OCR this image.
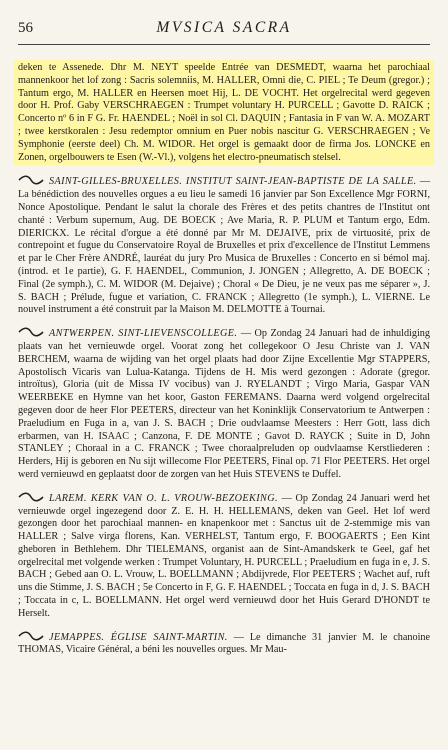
56	MVSICA SACRA

deken te Assenede. Dhr M. NEYT speelde Entrée van DESMEDT, waarna het parochiaal mannenkoor het lof zong : Sacris solemniis, M. HALLER, Omni die, C. PIEL ; Te Deum (gregor.) ; Tantum ergo, M. HALLER en Heersen moet Hij, L. DE VOCHT. Het orgelrecital werd gegeven door H. Prof. Gaby VERSCHRAEGEN : Trumpet voluntary H. PURCELL ; Gavotte D. RAICK ; Concerto nº 6 in F G. Fr. HAENDEL ; Noël in sol Cl. DAQUIN ; Fantasia in F van W. A. MOZART ; twee kerstkoralen : Jesu redemptor omnium en Puer nobis nascitur G. VERSCHRAEGEN ; Ve Symphonie (eerste deel) Ch. M. WIDOR. Het orgel is gemaakt door de firma Jos. LONCKE en Zonen, orgelbouwers te Esen (W.-Vl.), volgens het electro-pneumatisch stelsel.

SAINT-GILLES-BRUXELLES. INSTITUT SAINT-JEAN-BAPTISTE DE LA SALLE. — La bénédiction des nouvelles orgues a eu lieu le samedi 16 janvier par Son Excellence Mgr FORNI, Nonce Apostolique. Pendant le salut la chorale des Frères et des petits chantres de l'Institut ont chanté : Verbum supernum, Aug. DE BOECK ; Ave Maria, R. P. PLUM et Tantum ergo, Edm. DIERICKX. Le récital d'orgue a été donné par Mr M. DEJAIVE, prix de virtuosité, prix de contrepoint et fugue du Conservatoire Royal de Bruxelles et prix d'excellence de l'Institut Lemmens et par le Cher Frère ANDRÉ, lauréat du jury Pro Musica de Bruxelles : Concerto en si bémol maj. (introd. et 1e partie), G. F. HAENDEL, Communion, J. JONGEN ; Allegretto, A. DE BOECK ; Final (2e symph.), C. M. WIDOR (M. Dejaive) ; Choral « De Dieu, je ne veux pas me séparer », J. S. BACH ; Prélude, fugue et variation, C. FRANCK ; Allegretto (1e symph.), L. VIERNE. Le nouvel instrument a été construit par la Maison M. DELMOTTE à Tournai.

ANTWERPEN. SINT-LIEVENSCOLLEGE. — Op Zondag 24 Januari had de inhuldiging plaats van het vernieuwde orgel. Voorat zong het collegekoor O Jesu Christe van J. VAN BERCHEM, waarna de wijding van het orgel plaats had door Zijne Excellentie Mgr STAPPERS, Apostolisch Vicaris van Lulua-Katanga. Tijdens de H. Mis werd gezongen : Adorate (gregor. introïtus), Gloria (uit de Missa IV vocibus) van J. RYELANDT ; Virgo Maria, Gaspar VAN WEERBEKE en Hymne van het koor, Gaston FEREMANS. Daarna werd volgend orgelrecital gegeven door de heer Flor PEETERS, directeur van het Koninklijk Conservatorium te Antwerpen : Praeludium en Fuga in a, van J. S. BACH ; Drie oudvlaamse Meesters : Herr Gott, lass dich erbarmen, van H. ISAAC ; Canzona, F. DE MONTE ; Gavot D. RAYCK ; Suite in D, John STANLEY ; Choraal in a C. FRANCK ; Twee choraalpreluden op oudvlaamse Kerstliederen : Herders, Hij is geboren en Nu sijt willecome Flor PEETERS, Final op. 71 Flor PEETERS. Het orgel werd vernieuwd en geplaatst door de zorgen van het Huis STEVENS te Duffel.

LAREM. KERK VAN O. L. VROUW-BEZOEKING. — Op Zondag 24 Januari werd het vernieuwde orgel ingezegend door Z. E. H. H. HELLEMANS, deken van Geel. Het lof werd gezongen door het parochiaal mannen- en knapenkoor met : Sanctus uit de 2-stemmige mis van HALLER ; Salve virga florens, Kan. VERHELST, Tantum ergo, F. BOOGAERTS ; Een Kint gheboren in Bethlehem. Dhr TIELEMANS, organist aan de Sint-Amandskerk te Geel, gaf het orgelrecital met volgende werken : Trumpet Voluntary, H. PURCELL ; Praeludium en fuga in e, J. S. BACH ; Gebed aan O. L. Vrouw, L. BOELLMANN ; Abdijvrede, Flor PEETERS ; Wachet auf, ruft uns die Stimme, J. S. BACH ; 5e Concerto in F, G. F. HAENDEL ; Toccata en fuga in d, J. S. BACH ; Toccata in c, L. BOELLMANN. Het orgel werd vernieuwd door het Huis Gerard D'HONDT te Herselt.

JEMAPPES. ÉGLISE SAINT-MARTIN. — Le dimanche 31 janvier M. le chanoine THOMAS, Vicaire Général, a béni les nouvelles orgues. Mr Mau-
